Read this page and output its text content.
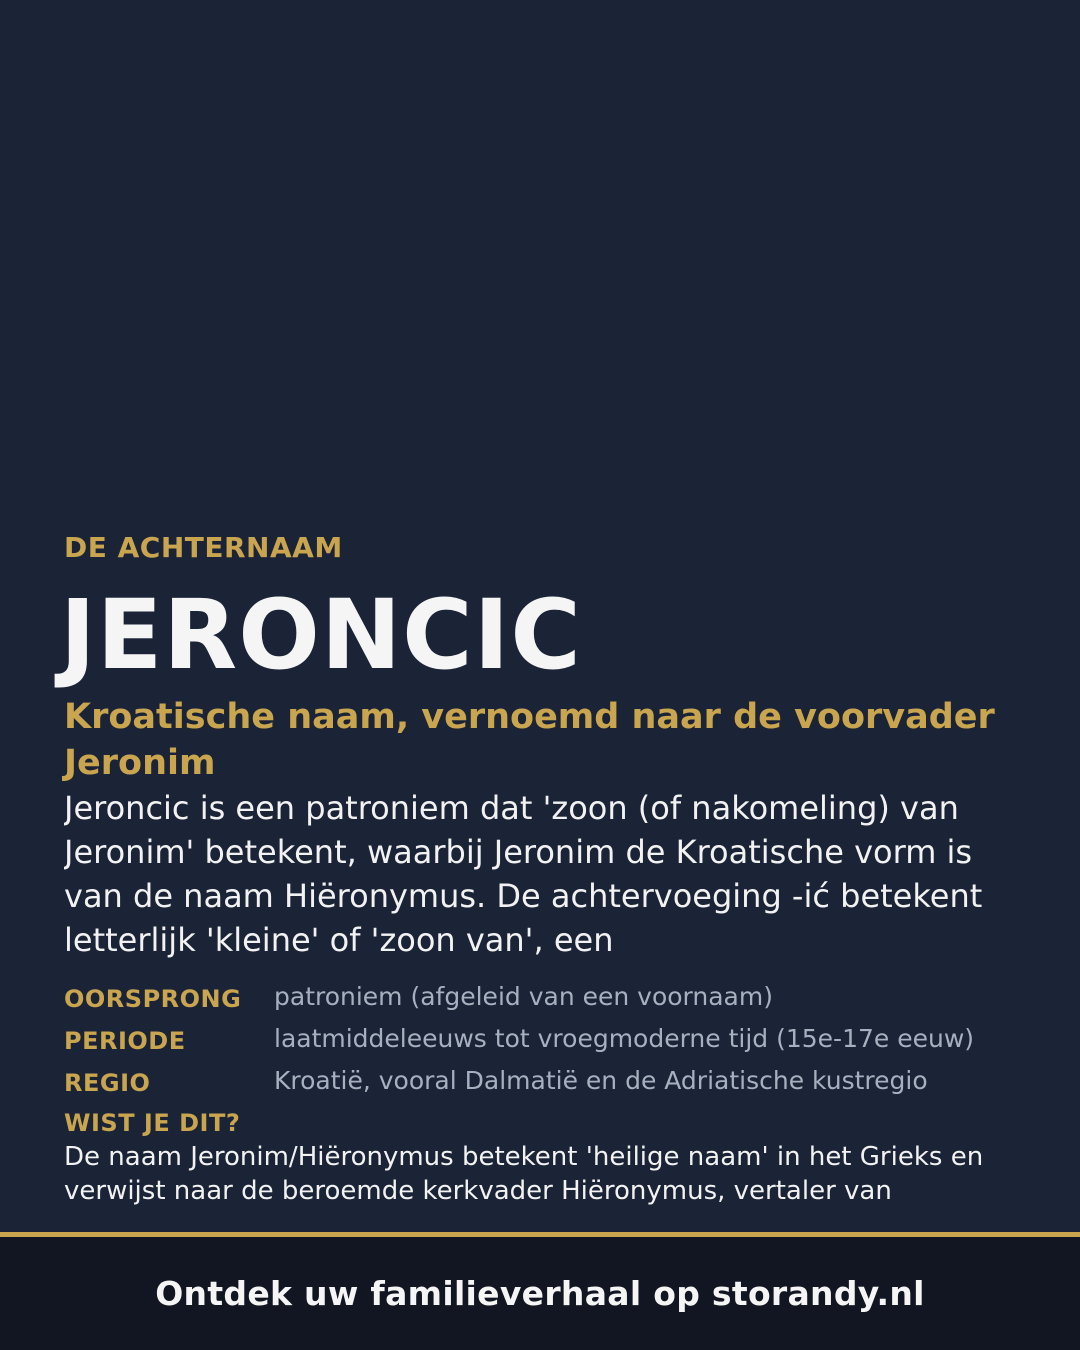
DE ACHTERNAAM
JERONCIC
Kroatische naam, vernoemd naar de voorvader Jeronim
Jeroncic is een patroniem dat 'zoon (of nakomeling) van Jeronim' betekent, waarbij Jeronim de Kroatische vorm is van de naam Hiëronymus. De achtervoeging -ić betekent letterlijk 'kleine' of 'zoon van', een
OORSPRONG	patroniem (afgeleid van een voornaam)
PERIODE	laatmiddeleeuws tot vroegmoderne tijd (15e-17e eeuw)
REGIO	Kroatië, vooral Dalmatië en de Adriatische kustregio
WIST JE DIT?
De naam Jeronim/Hiëronymus betekent 'heilige naam' in het Grieks en verwijst naar de beroemde kerkvader Hiëronymus, vertaler van
Ontdek uw familieverhaal op storandy.nl
